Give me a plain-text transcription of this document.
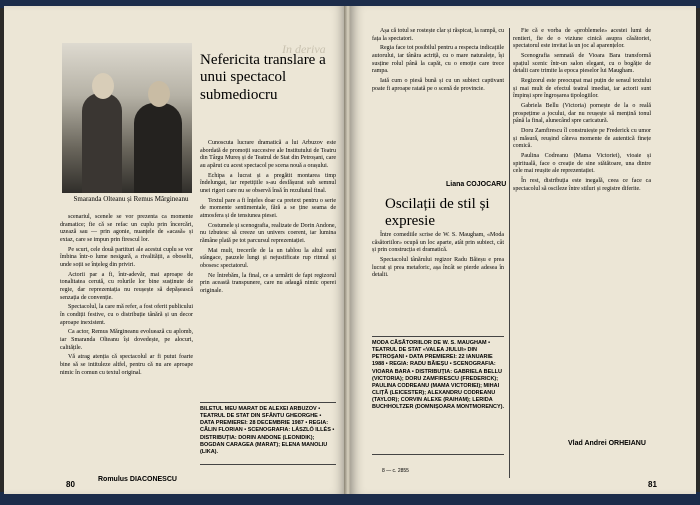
Smaranda Olteanu și Remus Mărgineanu
In deriva
Nefericita translare a unui spectacol submediocru

scenariul, scenele se vor prezenta ca momente dramatice; fie că se refac un cuplu prin încercări, uzează sau — prin agonie, nuanțele de «acasă» și extaz, care se impun prin firescul lor.

Pe scurt, cele două partituri ale acestui cuplu se vor îmbina într-o lume nesigură, a rivalității, a oboselii, unde soții se înțeleg din priviri.

Actorii par a fi, într-adevăr, mai aproape de tonalitatea cerută, cu rolurile lor bine susținute de regie, dar reprezentația nu reușește să depășească senzația de convenție.

Spectacolul, la care mă refer, a fost oferit publicului în condiții festive, cu o distribuție tânără și un decor aproape inexistent.

Ca actor, Remus Mărgineanu evoluează cu aplomb, iar Smaranda Olteanu își dovedește, pe alocuri, calitățile.

Vă atrag atenția că spectacolul ar fi putut foarte bine să se intituleze altfel, pentru că nu are aproape nimic în comun cu textul original.

Cunoscuta lucrare dramatică a lui Arbuzov este abordată de promoții succesive ale Institutului de Teatru din Târgu Mureș și de Teatrul de Stat din Petroșani, care au apărut cu acest spectacol pe scena nouă a orașului.

Echipa a lucrat și a pregătit montarea timp îndelungat, iar repetițiile s-au desfășurat sub semnul unei rigori care nu se observă însă în rezultatul final.

Textul pare a fi înțeles doar ca pretext pentru o serie de momente sentimentale, fără a se ține seama de atmosfera și de tensiunea piesei.

Costumele și scenografia, realizate de Dorin Andone, nu izbutesc să creeze un univers coerent, iar lumina rămâne plată pe tot parcursul reprezentației.

Mai mult, trecerile de la un tablou la altul sunt stângace, pauzele lungi și nejustificate rup ritmul și obosesc spectatorul.

Ne întrebăm, la final, ce a urmărit de fapt regizorul prin această transpunere, care nu adaugă nimic operei originale.

BILETUL MEU MARAT DE ALEXEI ARBUZOV • TEATRUL DE STAT DIN SFÂNTU GHEORGHE • DATA PREMIEREI: 28 DECEMBRIE 1987 • REGIA: CĂLIN FLORIAN • SCENOGRAFIA: LÁSZLÓ ILLÉS • DISTRIBUȚIA: DORIN ANDONE (LEONIDIK); BOGDAN CARAGEA (MARAT); ELENA MANOLIU (LIKA).
Romulus DIACONESCU
80

Așa că totul se rostește clar și răspicat, la rampă, cu fața la spectatori.

Regia face tot posibilul pentru a respecta indicațiile autorului, iar tânăra actriță, cu o mare naturalețe, își susține rolul până la capăt, cu o emoție care trece rampa.

Iată cum o piesă bună și cu un subiect captivant poate fi aproape ratată pe o scenă de provincie.

Liana COJOCARU
Oscilații de stil și expresie

Între comediile scrise de W. S. Maugham, «Moda căsătoriilor» ocupă un loc aparte, atât prin subiect, cât și prin construcția ei dramatică.

Spectacolul tânărului regizor Radu Băieșu e prea lucrat și prea metaforic, așa încât se pierde adesea în detalii.

MODA CĂSĂTORIILOR DE W. S. MAUGHAM • TEATRUL DE STAT «VALEA JIULUI» DIN PETROȘANI • DATA PREMIEREI: 22 IANUARIE 1988 • REGIA: RADU BĂIEȘU • SCENOGRAFIA: VIOARA BARA • DISTRIBUȚIA: GABRIELA BELLU (VICTORIA); DORU ZAMFIRESCU (FREDERICK); PAULINA CODREANU (MAMA VICTORIEI); MIHAI CLIȚĂ (LEICESTER); ALEXANDRU CODREANU (TAYLOR); CORVIN ALEXE (RAIHAM); LERIDA BUCHHOLTZER (DOMNIȘOARA MONTMORENCY).
8 — c. 2855

Fie că e vorba de «problemele» acestei lumi de rentieri, fie de o viziune cinică asupra căsătoriei, spectatorul este invitat la un joc al aparențelor.

Scenografia semnată de Vioara Bara transformă spațiul scenic într-un salon elegant, cu o bogăție de detalii care trimite la epoca pieselor lui Maugham.

Regizorul este preocupat mai puțin de sensul textului și mai mult de efectul teatral imediat, iar actorii sunt împinși spre îngroșarea tipologiilor.

Gabriela Bellu (Victoria) pornește de la o reală prospețime a jocului, dar nu reușește să mențină tonul până la final, alunecând spre caricatură.

Doru Zamfirescu îl construiește pe Frederick cu umor și măsură, reușind câteva momente de autentică finețe comică.

Paulina Codreanu (Mama Victoriei), vioaie și spirituală, face o creație de sine stătătoare, una dintre cele mai reușite ale reprezentației.

În rest, distribuția este inegală, ceea ce face ca spectacolul să oscileze între stiluri și registre diferite.

Vlad Andrei ORHEIANU
81
